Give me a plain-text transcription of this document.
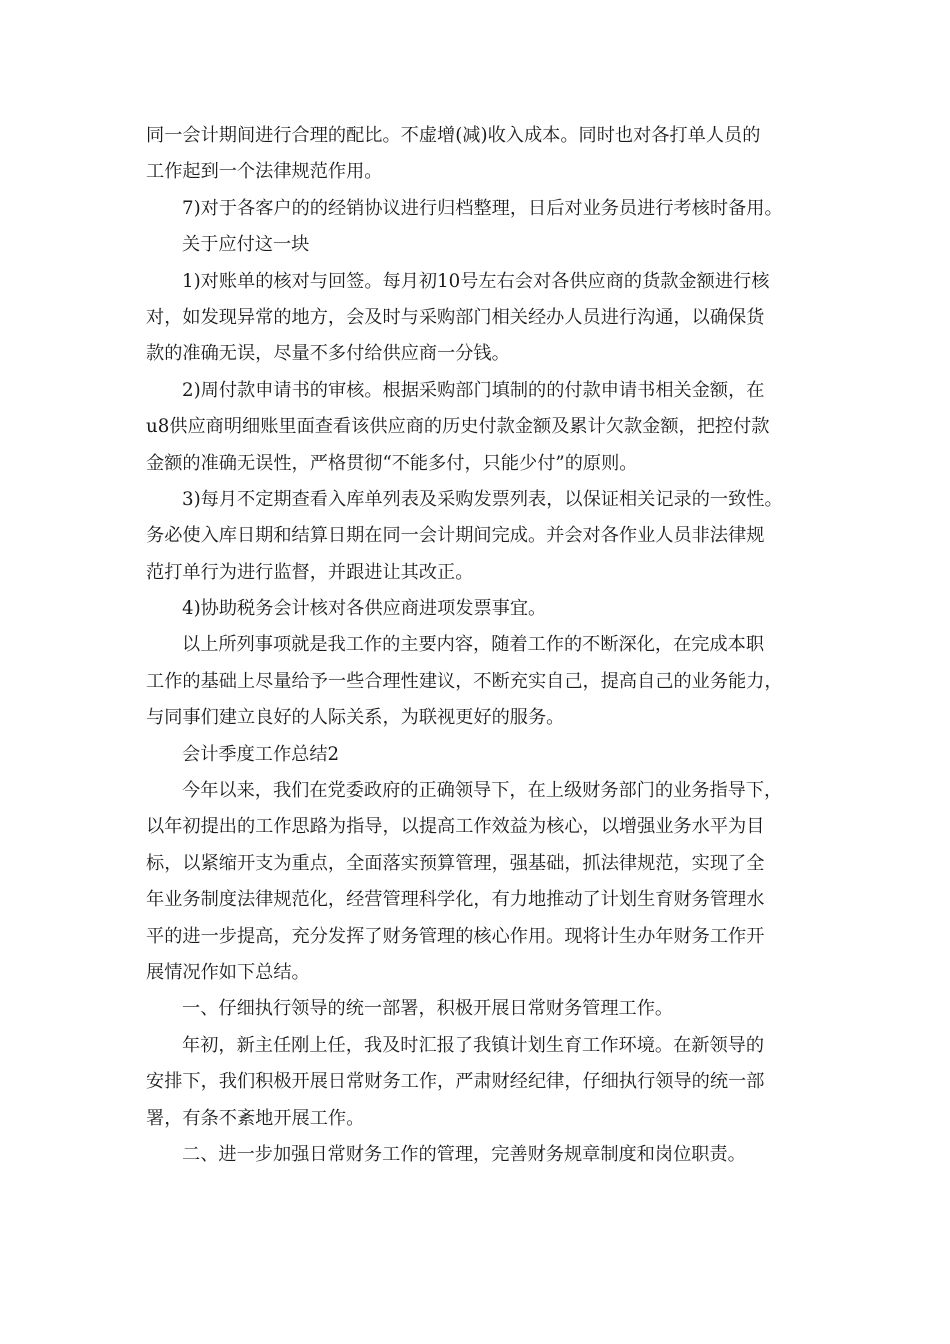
同一会计期间进行合理的配比。不虚增(减)收入成本。同时也对各打单人员的
工作起到一个法律规范作用。
7)对于各客户的的经销协议进行归档整理，日后对业务员进行考核时备用。
关于应付这一块
1)对账单的核对与回签。每月初10号左右会对各供应商的货款金额进行核
对，如发现异常的地方，会及时与采购部门相关经办人员进行沟通，以确保货
款的准确无误，尽量不多付给供应商一分钱。
2)周付款申请书的审核。根据采购部门填制的的付款申请书相关金额，在
u8供应商明细账里面查看该供应商的历史付款金额及累计欠款金额，把控付款
金额的准确无误性，严格贯彻“不能多付，只能少付”的原则。
3)每月不定期查看入库单列表及采购发票列表，以保证相关记录的一致性。
务必使入库日期和结算日期在同一会计期间完成。并会对各作业人员非法律规
范打单行为进行监督，并跟进让其改正。
4)协助税务会计核对各供应商进项发票事宜。
以上所列事项就是我工作的主要内容，随着工作的不断深化，在完成本职
工作的基础上尽量给予一些合理性建议，不断充实自己，提高自己的业务能力，
与同事们建立良好的人际关系，为联视更好的服务。
会计季度工作总结2
今年以来，我们在党委政府的正确领导下，在上级财务部门的业务指导下，
以年初提出的工作思路为指导，以提高工作效益为核心，以增强业务水平为目
标，以紧缩开支为重点，全面落实预算管理，强基础，抓法律规范，实现了全
年业务制度法律规范化，经营管理科学化，有力地推动了计划生育财务管理水
平的进一步提高，充分发挥了财务管理的核心作用。现将计生办年财务工作开
展情况作如下总结。
一、仔细执行领导的统一部署，积极开展日常财务管理工作。
年初，新主任刚上任，我及时汇报了我镇计划生育工作环境。在新领导的
安排下，我们积极开展日常财务工作，严肃财经纪律，仔细执行领导的统一部
署，有条不紊地开展工作。
二、进一步加强日常财务工作的管理，完善财务规章制度和岗位职责。
